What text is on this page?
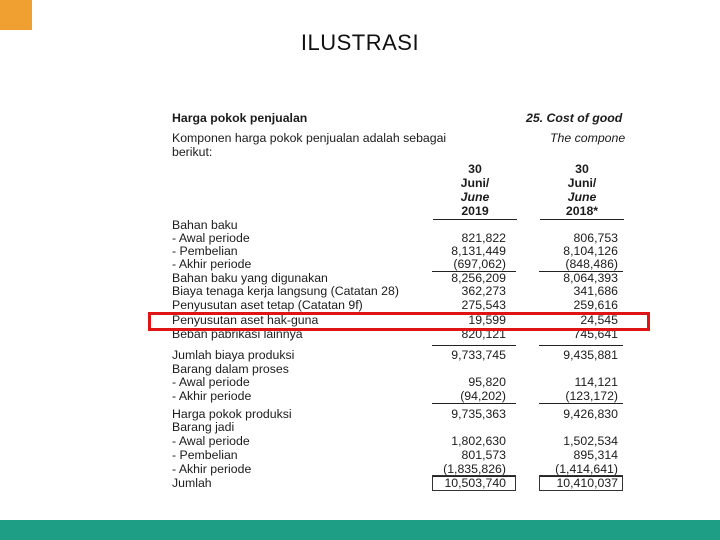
ILUSTRASI
Harga pokok penjualan	25. Cost of good
Komponen harga pokok penjualan adalah sebagai
berikut:
The compone
30
Juni/
June
2019
30
Juni/
June
2018*
Bahan baku
- Awal periode	821,822	806,753
- Pembelian	8,131,449	8,104,126
- Akhir periode	(697,062)	(848,486)
Bahan baku yang digunakan	8,256,209	8,064,393
Biaya tenaga kerja langsung (Catatan 28)	362,273	341,686
Penyusutan aset tetap (Catatan 9f)	275,543	259,616
Penyusutan aset hak-guna	19,599	24,545
Beban pabrikasi lainnya	820,121	745,641
Jumlah biaya produksi	9,733,745	9,435,881
Barang dalam proses
- Awal periode	95,820	114,121
- Akhir periode	(94,202)	(123,172)
Harga pokok produksi	9,735,363	9,426,830
Barang jadi
- Awal periode	1,802,630	1,502,534
- Pembelian	801,573	895,314
- Akhir periode	(1,835,826)	(1,414,641)
Jumlah	10,503,740	10,410,037
